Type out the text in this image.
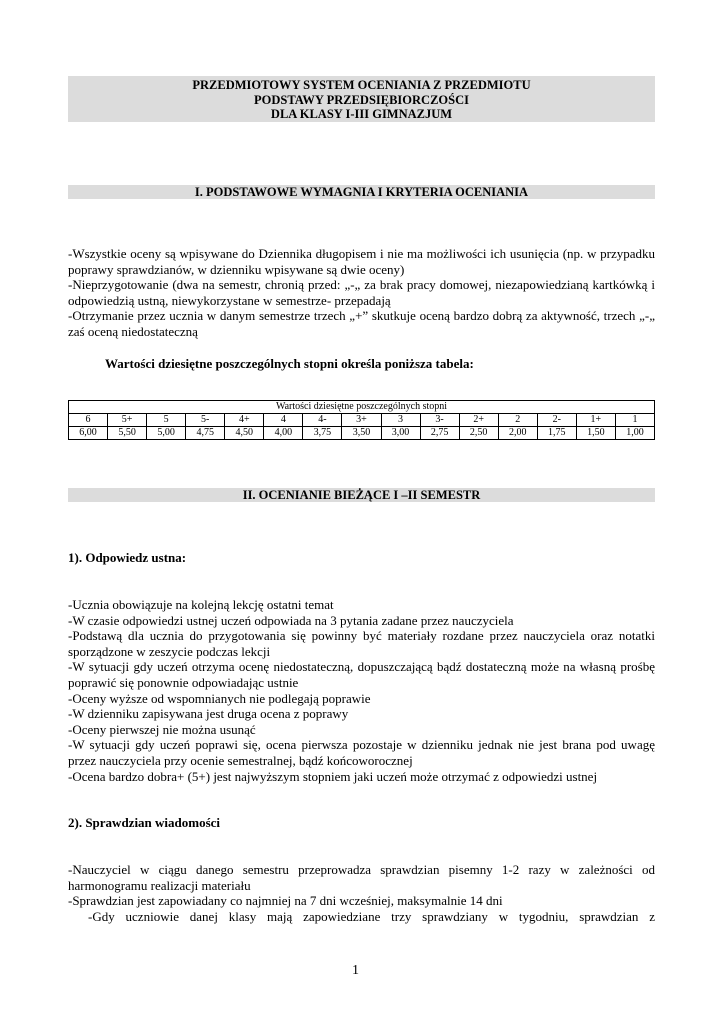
PRZEDMIOTOWY SYSTEM OCENIANIA Z PRZEDMIOTU
PODSTAWY PRZEDSIĘBIORCZOŚCI
DLA KLASY I-III GIMNAZJUM
I. PODSTAWOWE WYMAGNIA I KRYTERIA OCENIANIA

-Wszystkie oceny są wpisywane do Dziennika długopisem i nie ma możliwości ich usunięcia (np. w przypadku poprawy sprawdzianów, w dzienniku wpisywane są dwie oceny)

-Nieprzygotowanie (dwa na semestr, chronią przed: „-„ za brak pracy domowej, niezapowiedzianą kartkówką i odpowiedzią ustną, niewykorzystane w semestrze- przepadają

-Otrzymanie przez ucznia w danym semestrze trzech „+” skutkuje oceną bardzo dobrą za aktywność, trzech „-„ zaś oceną niedostateczną

Wartości dziesiętne poszczególnych stopni określa poniższa tabela:
Wartości dziesiętne poszczególnych stopni														
6	5+	5	5-	4+	4	4-	3+	3	3-	2+	2	2-	1+	1
6,00	5,50	5,00	4,75	4,50	4,00	3,75	3,50	3,00	2,75	2,50	2,00	1,75	1,50	1,00
II. OCENIANIE BIEŻĄCE I –II SEMESTR
1). Odpowiedz ustna:

-Ucznia obowiązuje na kolejną lekcję ostatni temat

-W czasie odpowiedzi ustnej uczeń odpowiada na 3 pytania zadane przez nauczyciela

-Podstawą dla ucznia do przygotowania się powinny być materiały rozdane przez nauczyciela oraz notatki sporządzone w zeszycie podczas lekcji

-W sytuacji gdy uczeń otrzyma ocenę niedostateczną, dopuszczającą bądź dostateczną może na własną prośbę poprawić się ponownie odpowiadając ustnie

-Oceny wyższe od wspomnianych nie podlegają poprawie

-W dzienniku zapisywana jest druga ocena z poprawy

-Oceny pierwszej nie można usunąć

-W sytuacji gdy uczeń poprawi się, ocena pierwsza pozostaje w dzienniku jednak nie jest brana pod uwagę przez nauczyciela przy ocenie semestralnej, bądź końcoworocznej

-Ocena bardzo dobra+ (5+) jest najwyższym stopniem jaki uczeń może otrzymać z odpowiedzi ustnej

2). Sprawdzian wiadomości

-Nauczyciel w ciągu danego semestru przeprowadza sprawdzian pisemny 1-2 razy w zależności od harmonogramu realizacji materiału

-Sprawdzian jest zapowiadany co najmniej na 7 dni wcześniej, maksymalnie 14 dni

-Gdy uczniowie danej klasy mają zapowiedziane trzy sprawdziany w tygodniu, sprawdzian z

1
